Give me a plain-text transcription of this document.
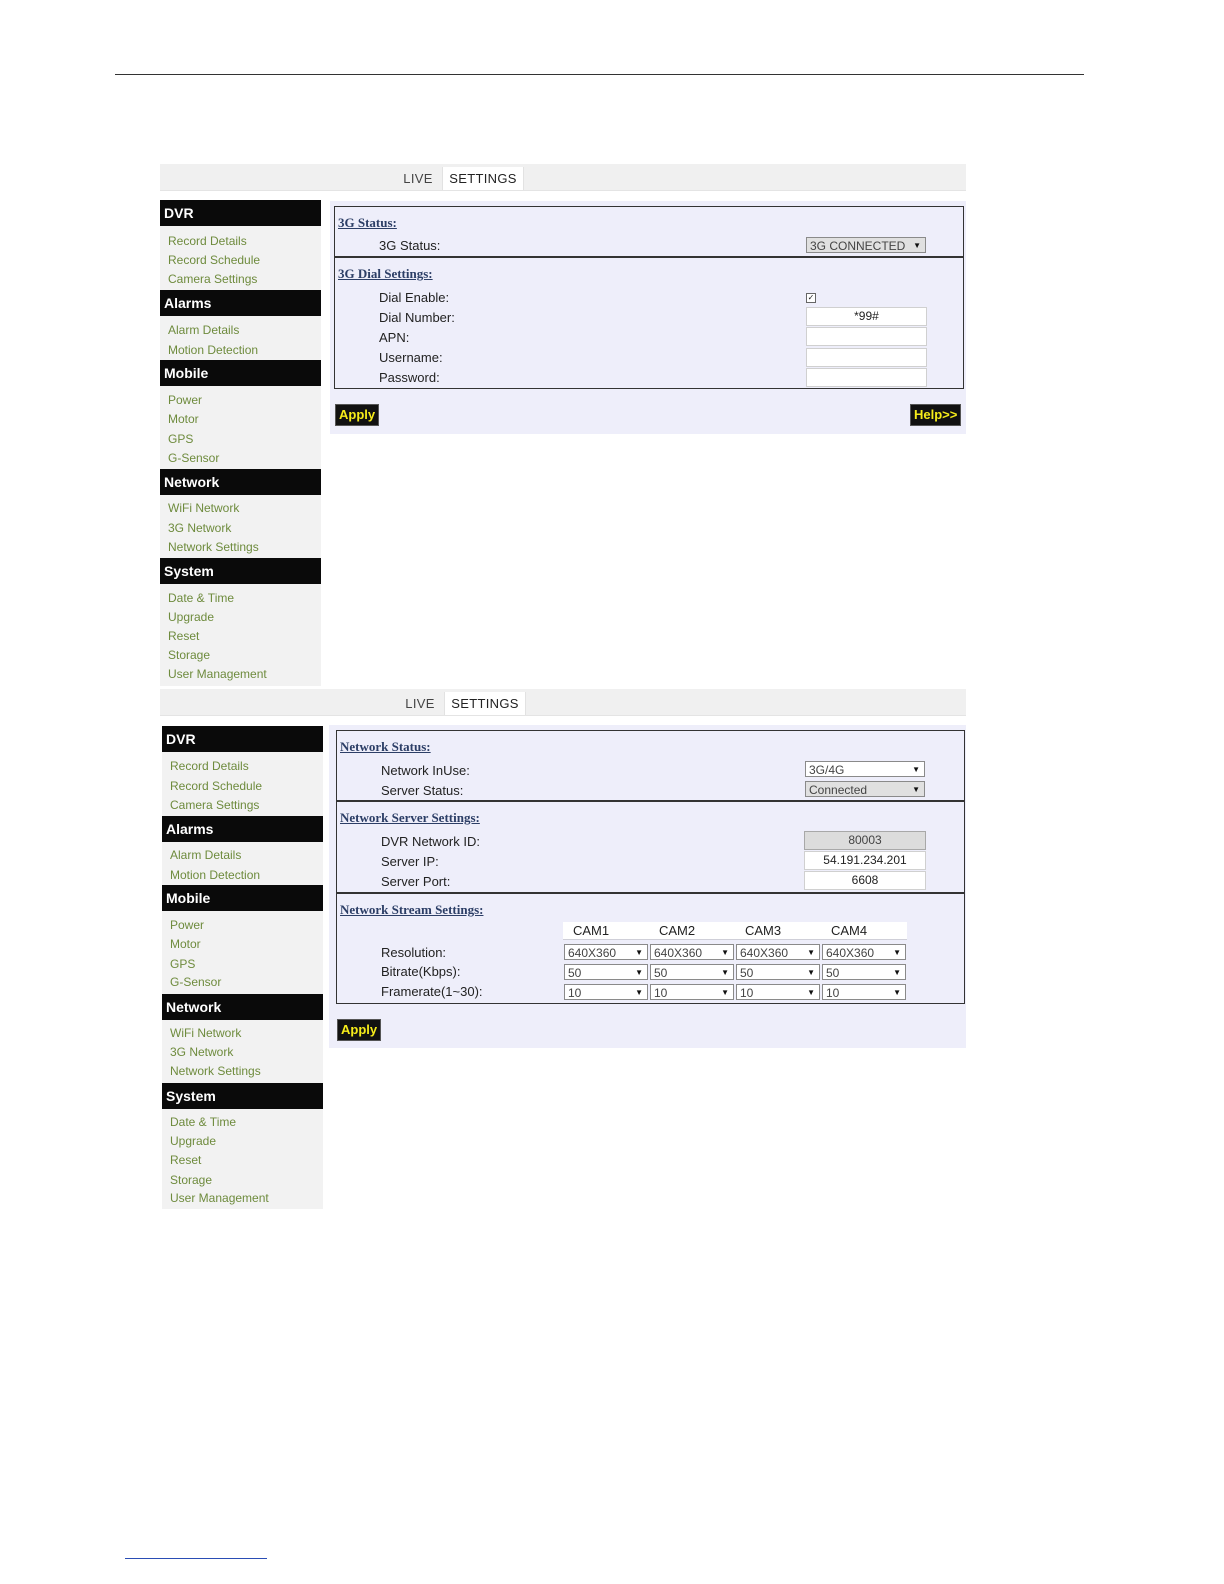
LIVE	SETTINGS
DVR
Record Details
Record Schedule
Camera Settings
Alarms
Alarm Details
Motion Detection
Mobile
Power
Motor
GPS
G-Sensor
Network
WiFi Network
3G Network
Network Settings
System
Date & Time
Upgrade
Reset
Storage
User Management
3G Status:
3G Status:	3G CONNECTED ▼
3G Dial Settings:
Dial Enable:	✓
Dial Number:
*99#
APN:
Username:
Password:
Apply	Help>>
LIVE	SETTINGS
DVR
Record Details
Record Schedule
Camera Settings
Alarms
Alarm Details
Motion Detection
Mobile
Power
Motor
GPS
G-Sensor
Network
WiFi Network
3G Network
Network Settings
System
Date & Time
Upgrade
Reset
Storage
User Management
Network Status:
Network InUse:	3G/4G	▼
Server Status:	Connected	▼
Network Server Settings:
DVR Network ID:
80003
Server IP:
54.191.234.201
Server Port:
6608
Network Stream Settings:
CAM1	CAM2	CAM3	CAM4
Resolution:	640X360 ▼ 640X360 ▼ 640X360 ▼ 640X360 ▼
Bitrate(Kbps):	50	▼ 50	▼ 50	▼ 50	▼
Framerate(1~30):	10	▼ 10	▼ 10	▼ 10	▼
Apply
